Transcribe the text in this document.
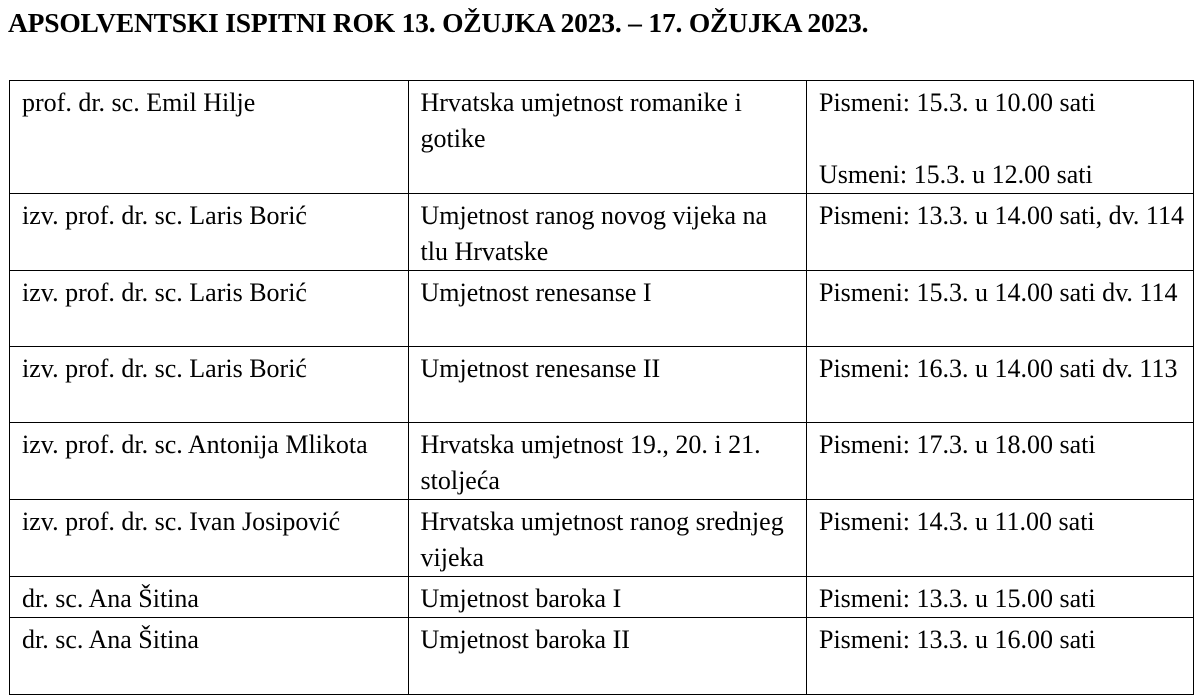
APSOLVENTSKI ISPITNI ROK 13. OŽUJKA 2023. – 17. OŽUJKA 2023.
prof. dr. sc. Emil Hilje	Hrvatska umjetnost romanike i gotike	Pismeni: 15.3. u 10.00 sati
Usmeni: 15.3. u 12.00 sati

izv. prof. dr. sc. Laris Borić	Umjetnost ranog novog vijeka na tlu Hrvatske	Pismeni: 13.3. u 14.00 sati, dv. 114
izv. prof. dr. sc. Laris Borić	Umjetnost renesanse I	Pismeni: 15.3. u 14.00 sati dv. 114
izv. prof. dr. sc. Laris Borić	Umjetnost renesanse II	Pismeni: 16.3. u 14.00 sati dv. 113
izv. prof. dr. sc. Antonija Mlikota	Hrvatska umjetnost 19., 20. i 21. stoljeća	Pismeni: 17.3. u 18.00 sati
izv. prof. dr. sc. Ivan Josipović	Hrvatska umjetnost ranog srednjeg vijeka	Pismeni: 14.3. u 11.00 sati
dr. sc. Ana Šitina	Umjetnost baroka I	Pismeni: 13.3. u 15.00 sati
dr. sc. Ana Šitina	Umjetnost baroka II	Pismeni: 13.3. u 16.00 sati
